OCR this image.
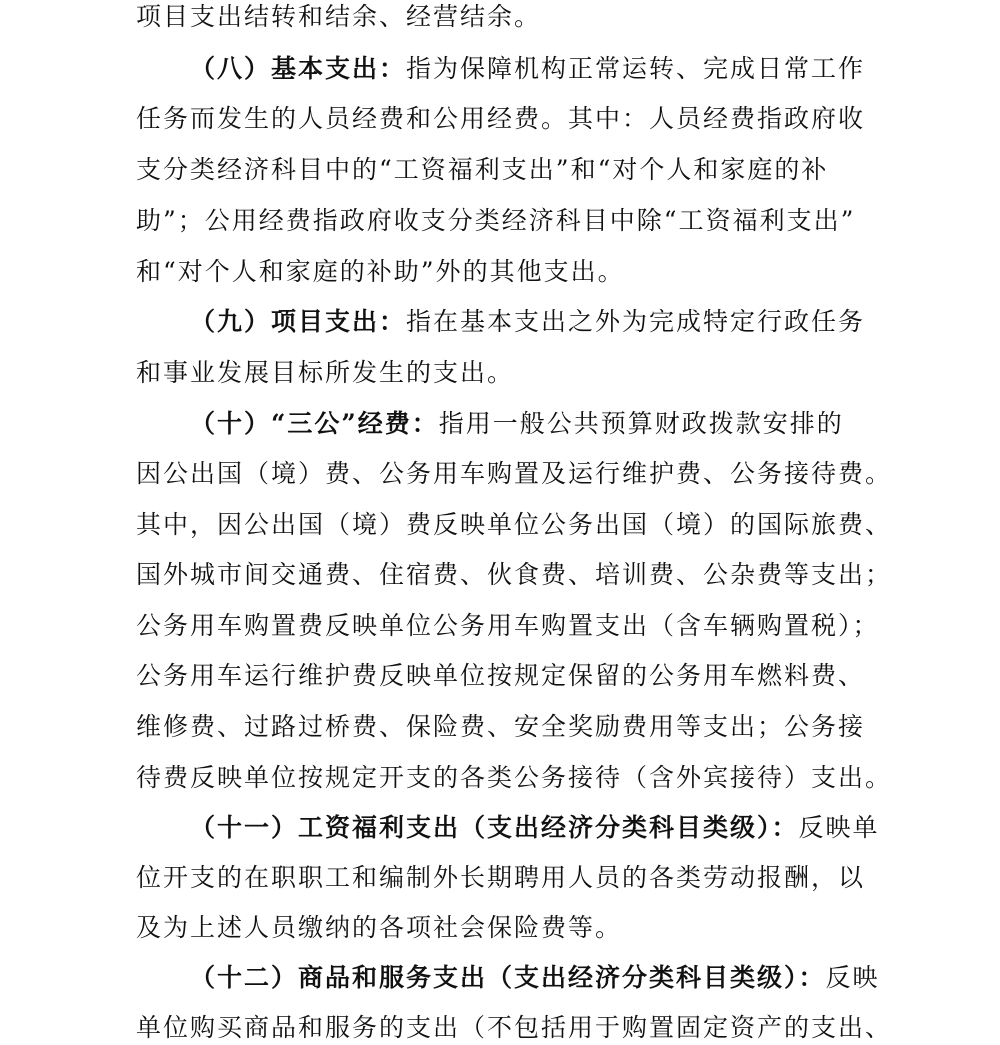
项目支出结转和结余、经营结余。
（八）基本支出：指为保障机构正常运转、完成日常工作
任务而发生的人员经费和公用经费。其中：人员经费指政府收
支分类经济科目中的“工资福利支出”和“对个人和家庭的补
助”；公用经费指政府收支分类经济科目中除“工资福利支出”
和“对个人和家庭的补助”外的其他支出。
（九）项目支出：指在基本支出之外为完成特定行政任务
和事业发展目标所发生的支出。
（十）“三公”经费：指用一般公共预算财政拨款安排的
因公出国（境）费、公务用车购置及运行维护费、公务接待费。
其中，因公出国（境）费反映单位公务出国（境）的国际旅费、
国外城市间交通费、住宿费、伙食费、培训费、公杂费等支出；
公务用车购置费反映单位公务用车购置支出（含车辆购置税）；
公务用车运行维护费反映单位按规定保留的公务用车燃料费、
维修费、过路过桥费、保险费、安全奖励费用等支出；公务接
待费反映单位按规定开支的各类公务接待（含外宾接待）支出。
（十一）工资福利支出（支出经济分类科目类级）：反映单
位开支的在职职工和编制外长期聘用人员的各类劳动报酬，以
及为上述人员缴纳的各项社会保险费等。
（十二）商品和服务支出（支出经济分类科目类级）：反映
单位购买商品和服务的支出（不包括用于购置固定资产的支出、
